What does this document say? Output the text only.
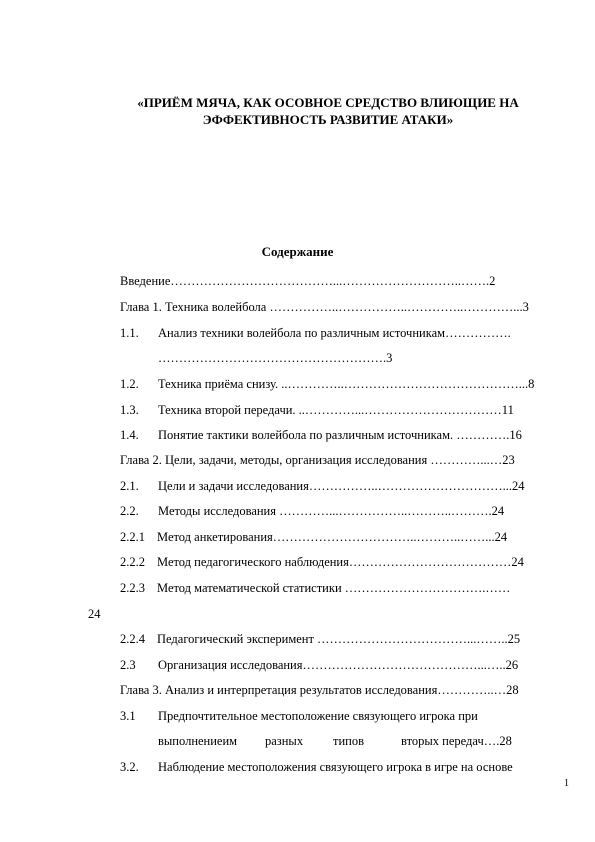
«ПРИЁМ МЯЧА, КАК ОСОВНОЕ СРЕДСТВО ВЛИЮЩИЕ НА
ЭФФЕКТИВНОСТЬ РАЗВИТИЕ АТАКИ»
Содержание
Введение…………………………………...………………………..…….2
Глава 1. Техника волейбола ……………..……………..…………..…………...3
1.1. Анализ техники волейбола по различным источникам…………….
……………………………………………….3
1.2. Техника приёма снизу. ..…………..……………………………………...8
1.3. Техника второй передачи. ..…………...……………………………11
1.4. Понятие тактики волейбола по различным источникам. ………….16
Глава 2. Цели, задачи, методы, организация исследования …………...…23
2.1. Цели и задачи исследования……………..…………………………...24
2.2. Методы исследования …………...……………..………..……….24
2.2.1 Метод анкетирования……………………………..………..……...24
2.2.2 Метод педагогического наблюдения…………………………………24
2.2.3 Метод математической статистики …………………………….……
24
2.2.4 Педагогический эксперимент ………………………………...……..25
2.3 Организация исследования……………………………………...…..26
Глава 3. Анализ и интерпретация результатов исследования…………..…28
3.1 Предпочтительное местоположение связующего игрока при
выполнениеим разных типов	вторых передач….28
3.2. Наблюдение местоположения связующего игрока в игре на основе
1
